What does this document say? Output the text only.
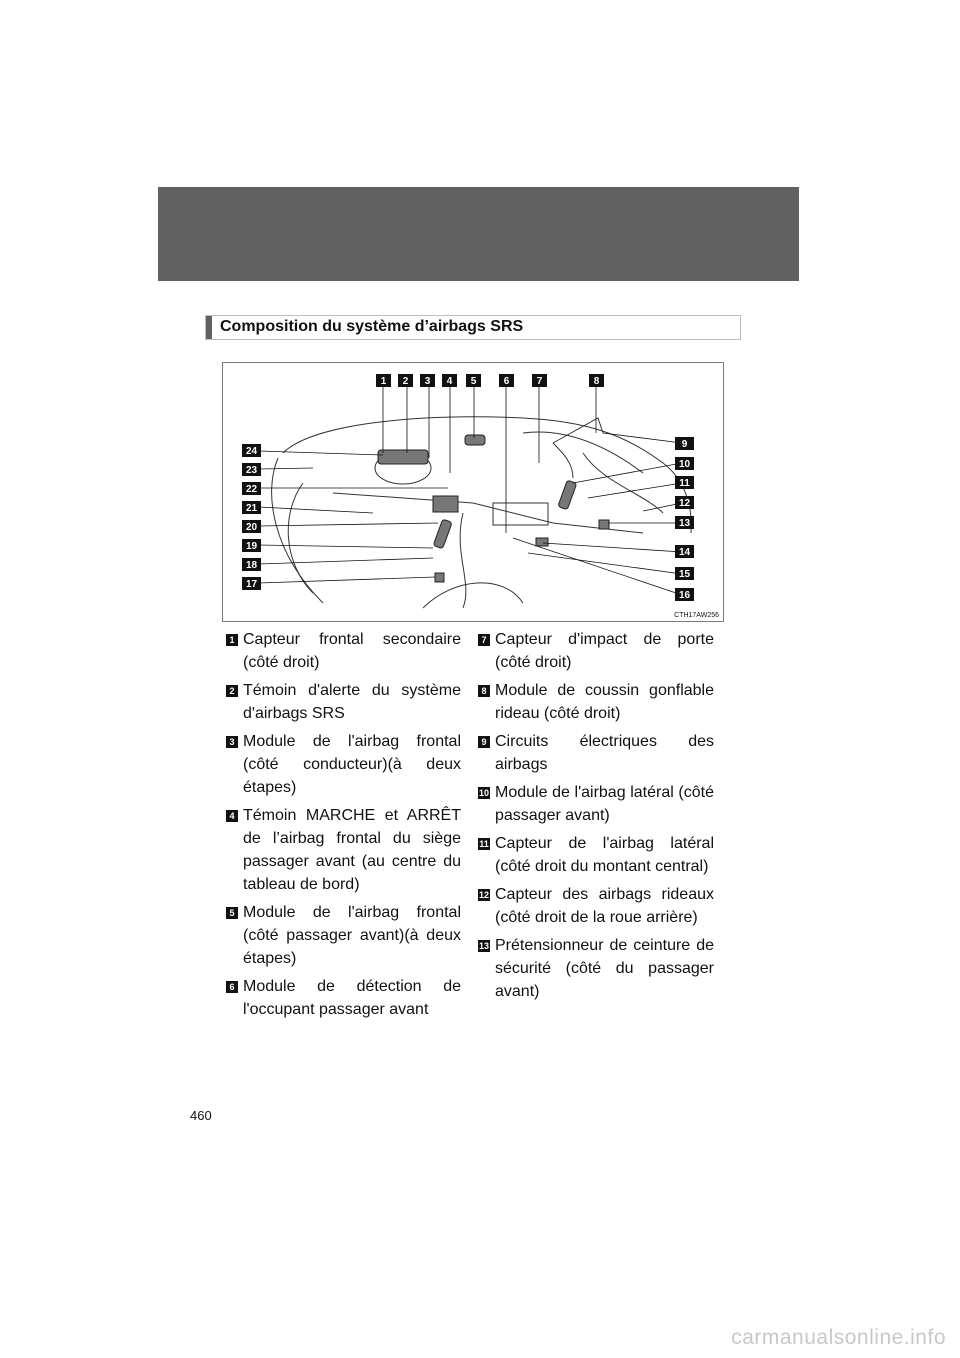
Composition du système d’airbags SRS
1 2 3 4 5	6	7	8
9
10
11
12
13
14
15
16
24
23
22
21
20
19
18
17
CTH17AW256
1 Capteur frontal secondaire (côté droit)
2 Témoin d'alerte du système d'airbags SRS
3 Module de l'airbag frontal (côté conducteur)(à deux étapes)
4 Témoin MARCHE et ARRÊT de l’airbag frontal du siège passager avant (au centre du tableau de bord)
5 Module de l'airbag frontal (côté passager avant)(à deux étapes)
6 Module de détection de l'occupant passager avant
7 Capteur d'impact de porte (côté droit)
8 Module de coussin gonflable rideau (côté droit)
9 Circuits électriques des airbags
10 Module de l'airbag latéral (côté passager avant)
11 Capteur de l'airbag latéral (côté droit du montant central)
12 Capteur des airbags rideaux (côté droit de la roue arrière)
13 Prétensionneur de ceinture de sécurité (côté du passager avant)
460
carmanualsonline.info
